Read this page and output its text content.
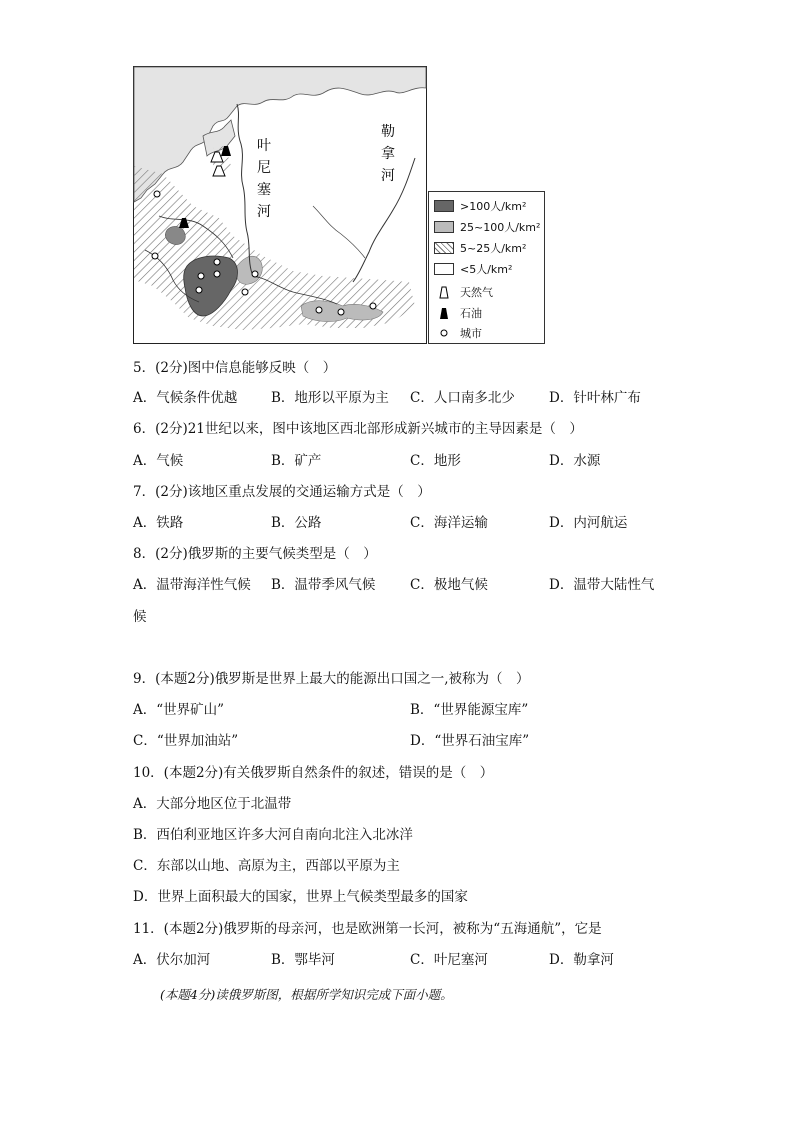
叶尼塞河
勒拿河
>100人/km²
25~100人/km²
5~25人/km²
<5人/km²
天然气
石油
城市
5．(2分)图中信息能够反映（　）
A．气候条件优越	B．地形以平原为主 C．人口南多北少	D．针叶林广布
6．(2分)21世纪以来，图中该地区西北部形成新兴城市的主导因素是（　）
A．气候	B．矿产	C．地形	D．水源
7．(2分)该地区重点发展的交通运输方式是（　）
A．铁路	B．公路	C．海洋运输	D．内河航运
8．(2分)俄罗斯的主要气候类型是（　）
A．温带海洋性气候 B．温带季风气候	C．极地气候	D．温带大陆性气
候
9．(本题2分)俄罗斯是世界上最大的能源出口国之一,被称为（　）
A．“世界矿山”	B．“世界能源宝库”
C．“世界加油站”	D．“世界石油宝库”
10．(本题2分)有关俄罗斯自然条件的叙述，错误的是（　）
A．大部分地区位于北温带
B．西伯利亚地区许多大河自南向北注入北冰洋
C．东部以山地、高原为主，西部以平原为主
D．世界上面积最大的国家，世界上气候类型最多的国家
11．(本题2分)俄罗斯的母亲河，也是欧洲第一长河，被称为“五海通航”，它是
A．伏尔加河	B．鄂毕河	C．叶尼塞河	D．勒拿河
(本题4分)读俄罗斯图，根据所学知识完成下面小题。
